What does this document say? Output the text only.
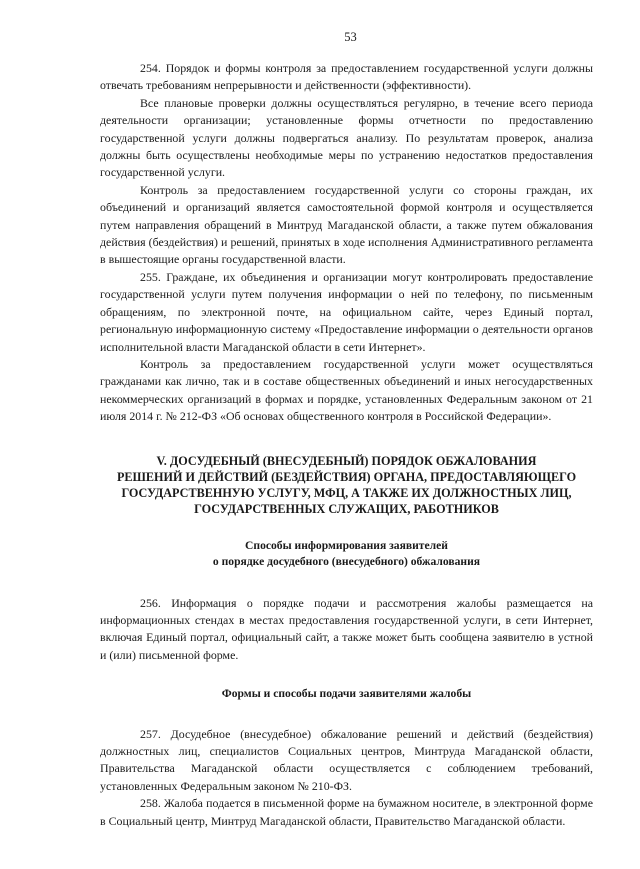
53

254. Порядок и формы контроля за предоставлением государственной услуги должны отвечать требованиям непрерывности и действенности (эффективности).

Все плановые проверки должны осуществляться регулярно, в течение всего периода деятельности организации; установленные формы отчетности по предоставлению государственной услуги должны подвергаться анализу. По результатам проверок, анализа должны быть осуществлены необходимые меры по устранению недостатков предоставления государственной услуги.

Контроль за предоставлением государственной услуги со стороны граждан, их объединений и организаций является самостоятельной формой контроля и осуществляется путем направления обращений в Минтруд Магаданской области, а также путем обжалования действия (бездействия) и решений, принятых в ходе исполнения Административного регламента в вышестоящие органы государственной власти.

255. Граждане, их объединения и организации могут контролировать предоставление государственной услуги путем получения информации о ней по телефону, по письменным обращениям, по электронной почте, на официальном сайте, через Единый портал, региональную информационную систему «Предоставление информации о деятельности органов исполнительной власти Магаданской области в сети Интернет».

Контроль за предоставлением государственной услуги может осуществляться гражданами как лично, так и в составе общественных объединений и иных негосударственных некоммерческих организаций в формах и порядке, установленных Федеральным законом от 21 июля 2014 г. № 212-ФЗ «Об основах общественного контроля в Российской Федерации».

V. ДОСУДЕБНЫЙ (ВНЕСУДЕБНЫЙ) ПОРЯДОК ОБЖАЛОВАНИЯ
РЕШЕНИЙ И ДЕЙСТВИЙ (БЕЗДЕЙСТВИЯ) ОРГАНА, ПРЕДОСТАВЛЯЮЩЕГО
ГОСУДАРСТВЕННУЮ УСЛУГУ, МФЦ, А ТАКЖЕ ИХ ДОЛЖНОСТНЫХ ЛИЦ,
ГОСУДАРСТВЕННЫХ СЛУЖАЩИХ, РАБОТНИКОВ
Способы информирования заявителей
о порядке досудебного (внесудебного) обжалования

256. Информация о порядке подачи и рассмотрения жалобы размещается на информационных стендах в местах предоставления государственной услуги, в сети Интернет, включая Единый портал, официальный сайт, а также может быть сообщена заявителю в устной и (или) письменной форме.

Формы и способы подачи заявителями жалобы

257. Досудебное (внесудебное) обжалование решений и действий (бездействия) должностных лиц, специалистов Социальных центров, Минтруда Магаданской области, Правительства Магаданской области осуществляется с соблюдением требований, установленных Федеральным законом № 210-ФЗ.

258. Жалоба подается в письменной форме на бумажном носителе, в электронной форме в Социальный центр, Минтруд Магаданской области, Правительство Магаданской области.
